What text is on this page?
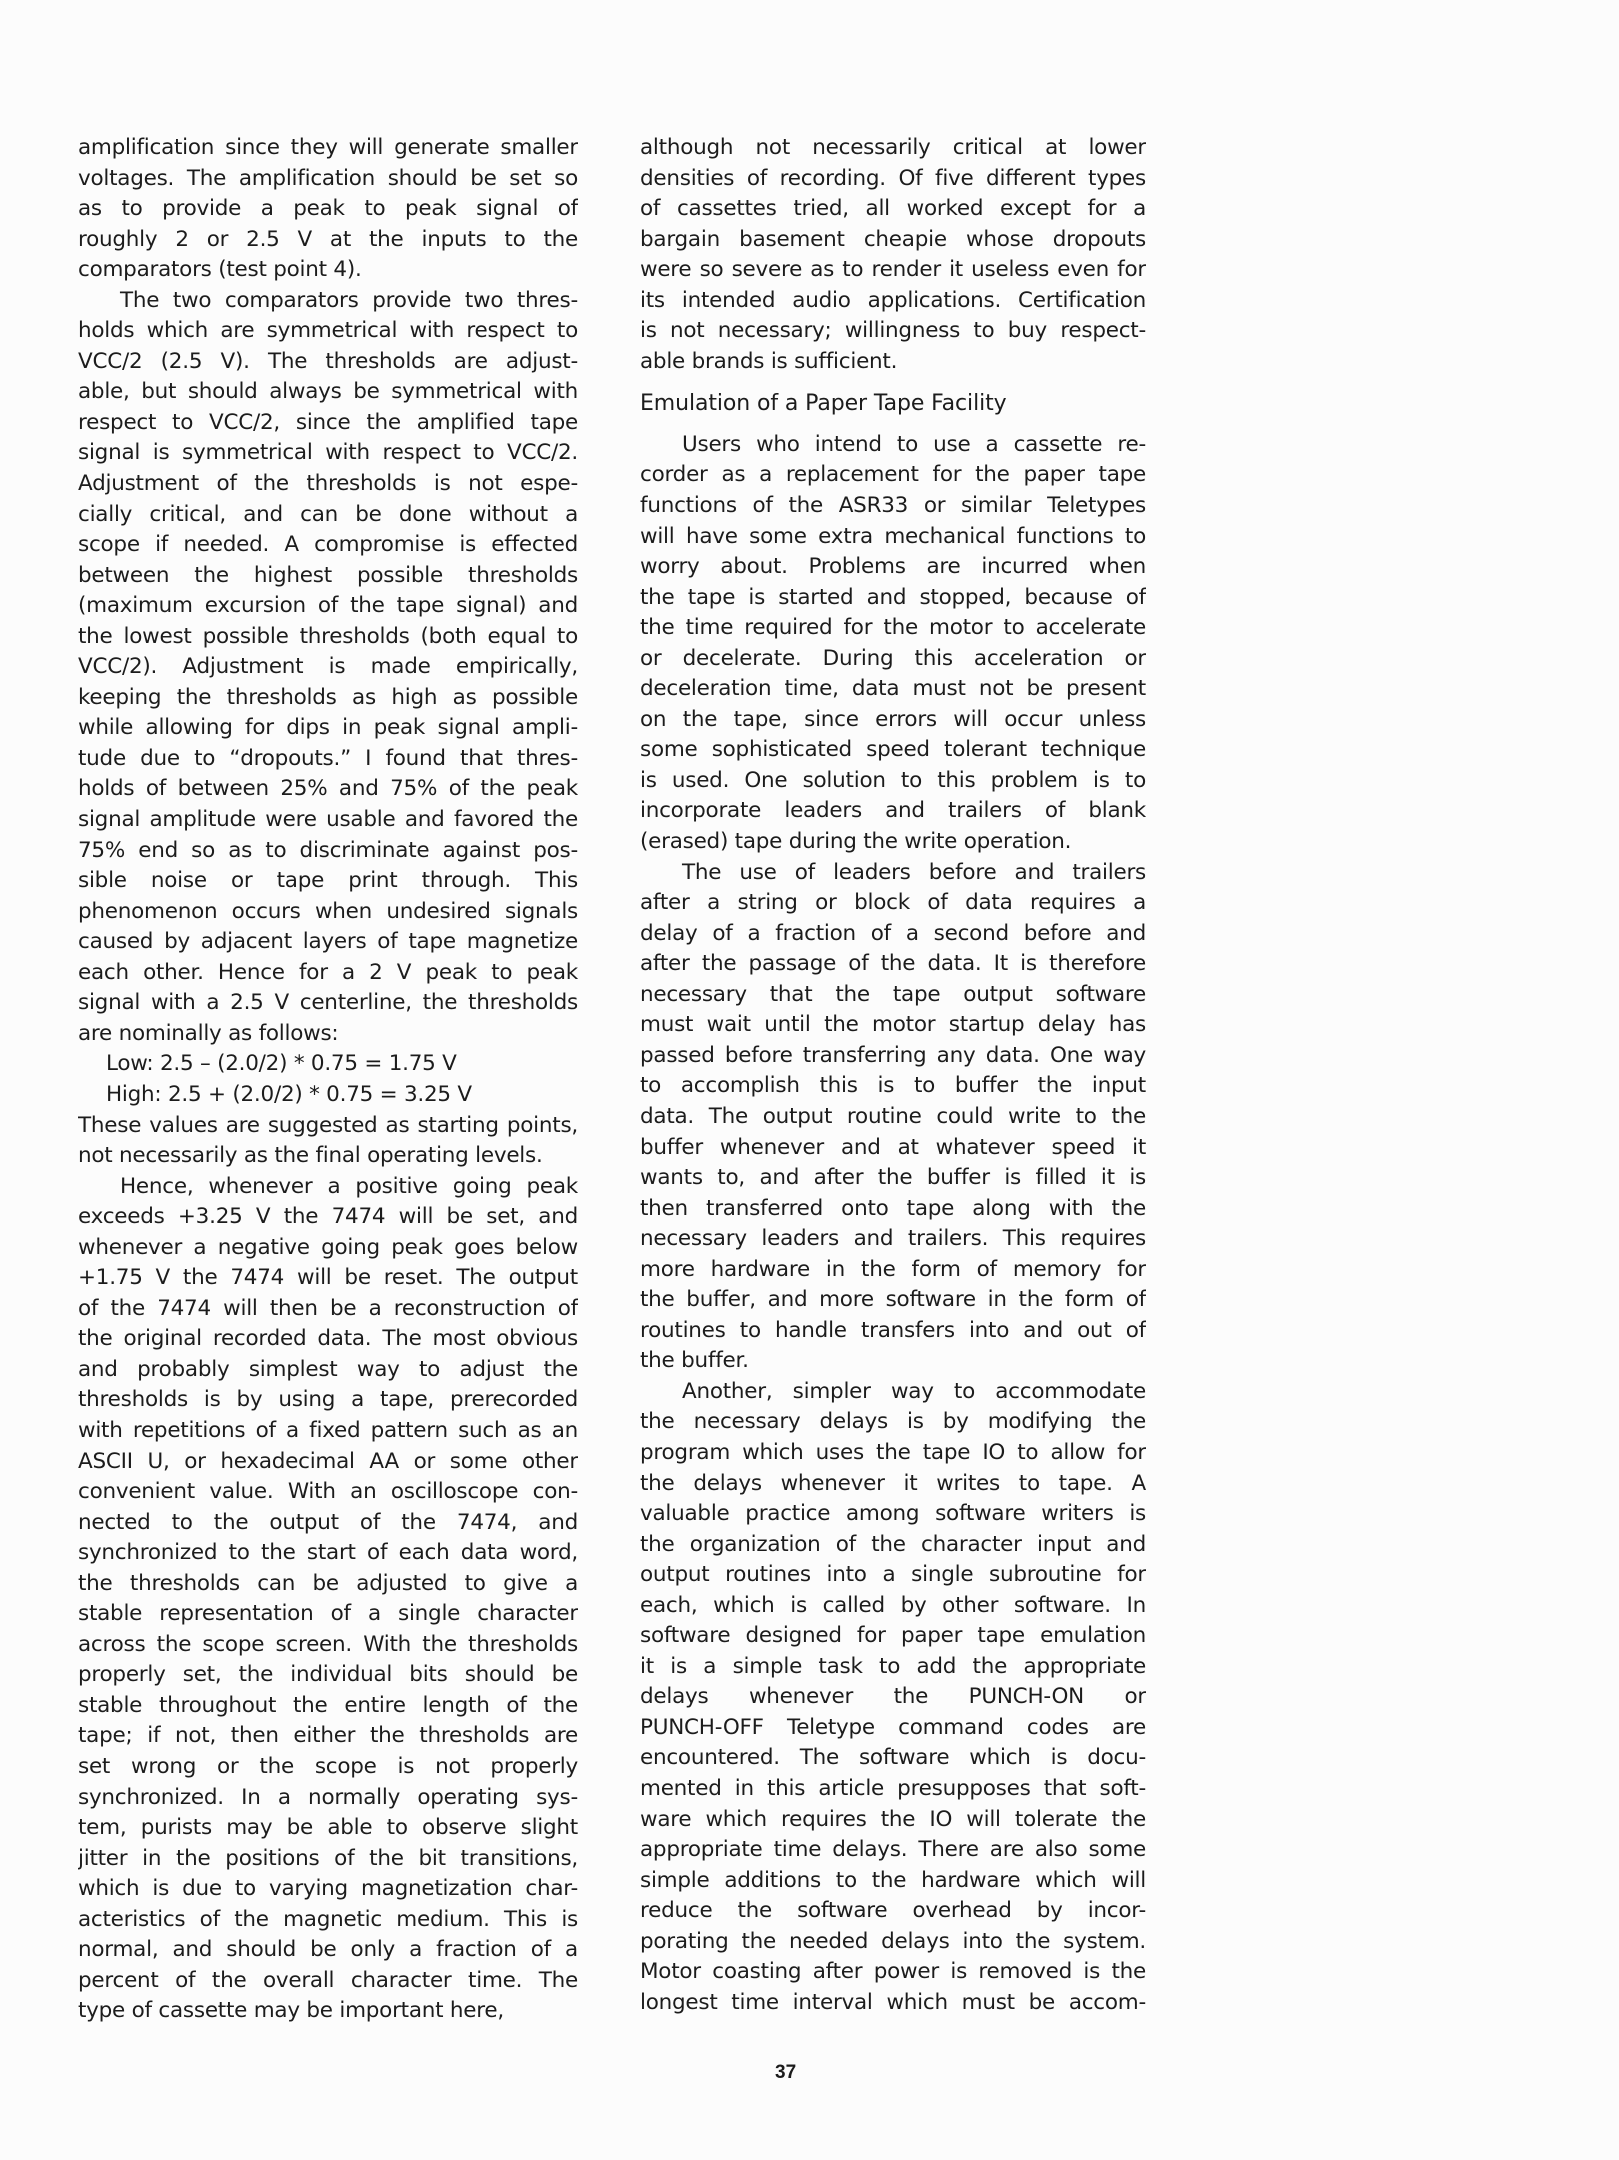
amplification since they will generate smaller
voltages. The amplification should be set so
as to provide a peak to peak signal of
roughly 2 or 2.5 V at the inputs to the
comparators (test point 4).
The two comparators provide two thres-
holds which are symmetrical with respect to
VCC/2 (2.5 V). The thresholds are adjust-
able, but should always be symmetrical with
respect to VCC/2, since the amplified tape
signal is symmetrical with respect to VCC/2.
Adjustment of the thresholds is not espe-
cially critical, and can be done without a
scope if needed. A compromise is effected
between the highest possible thresholds
(maximum excursion of the tape signal) and
the lowest possible thresholds (both equal to
VCC/2). Adjustment is made empirically,
keeping the thresholds as high as possible
while allowing for dips in peak signal ampli-
tude due to “dropouts.” I found that thres-
holds of between 25% and 75% of the peak
signal amplitude were usable and favored the
75% end so as to discriminate against pos-
sible noise or tape print through. This
phenomenon occurs when undesired signals
caused by adjacent layers of tape magnetize
each other. Hence for a 2 V peak to peak
signal with a 2.5 V centerline, the thresholds
are nominally as follows:
Low: 2.5 – (2.0/2) * 0.75 = 1.75 V
High: 2.5 + (2.0/2) * 0.75 = 3.25 V
These values are suggested as starting points,
not necessarily as the final operating levels.
Hence, whenever a positive going peak
exceeds +3.25 V the 7474 will be set, and
whenever a negative going peak goes below
+1.75 V the 7474 will be reset. The output
of the 7474 will then be a reconstruction of
the original recorded data. The most obvious
and probably simplest way to adjust the
thresholds is by using a tape, prerecorded
with repetitions of a fixed pattern such as an
ASCII U, or hexadecimal AA or some other
convenient value. With an oscilloscope con-
nected to the output of the 7474, and
synchronized to the start of each data word,
the thresholds can be adjusted to give a
stable representation of a single character
across the scope screen. With the thresholds
properly set, the individual bits should be
stable throughout the entire length of the
tape; if not, then either the thresholds are
set wrong or the scope is not properly
synchronized. In a normally operating sys-
tem, purists may be able to observe slight
jitter in the positions of the bit transitions,
which is due to varying magnetization char-
acteristics of the magnetic medium. This is
normal, and should be only a fraction of a
percent of the overall character time. The
type of cassette may be important here,
although not necessarily critical at lower
densities of recording. Of five different types
of cassettes tried, all worked except for a
bargain basement cheapie whose dropouts
were so severe as to render it useless even for
its intended audio applications. Certification
is not necessary; willingness to buy respect-
able brands is sufficient.
Emulation of a Paper Tape Facility
Users who intend to use a cassette re-
corder as a replacement for the paper tape
functions of the ASR33 or similar Teletypes
will have some extra mechanical functions to
worry about. Problems are incurred when
the tape is started and stopped, because of
the time required for the motor to accelerate
or decelerate. During this acceleration or
deceleration time, data must not be present
on the tape, since errors will occur unless
some sophisticated speed tolerant technique
is used. One solution to this problem is to
incorporate leaders and trailers of blank
(erased) tape during the write operation.
The use of leaders before and trailers
after a string or block of data requires a
delay of a fraction of a second before and
after the passage of the data. It is therefore
necessary that the tape output software
must wait until the motor startup delay has
passed before transferring any data. One way
to accomplish this is to buffer the input
data. The output routine could write to the
buffer whenever and at whatever speed it
wants to, and after the buffer is filled it is
then transferred onto tape along with the
necessary leaders and trailers. This requires
more hardware in the form of memory for
the buffer, and more software in the form of
routines to handle transfers into and out of
the buffer.
Another, simpler way to accommodate
the necessary delays is by modifying the
program which uses the tape IO to allow for
the delays whenever it writes to tape. A
valuable practice among software writers is
the organization of the character input and
output routines into a single subroutine for
each, which is called by other software. In
software designed for paper tape emulation
it is a simple task to add the appropriate
delays whenever the PUNCH-ON or
PUNCH-OFF Teletype command codes are
encountered. The software which is docu-
mented in this article presupposes that soft-
ware which requires the IO will tolerate the
appropriate time delays. There are also some
simple additions to the hardware which will
reduce the software overhead by incor-
porating the needed delays into the system.
Motor coasting after power is removed is the
longest time interval which must be accom-
37
